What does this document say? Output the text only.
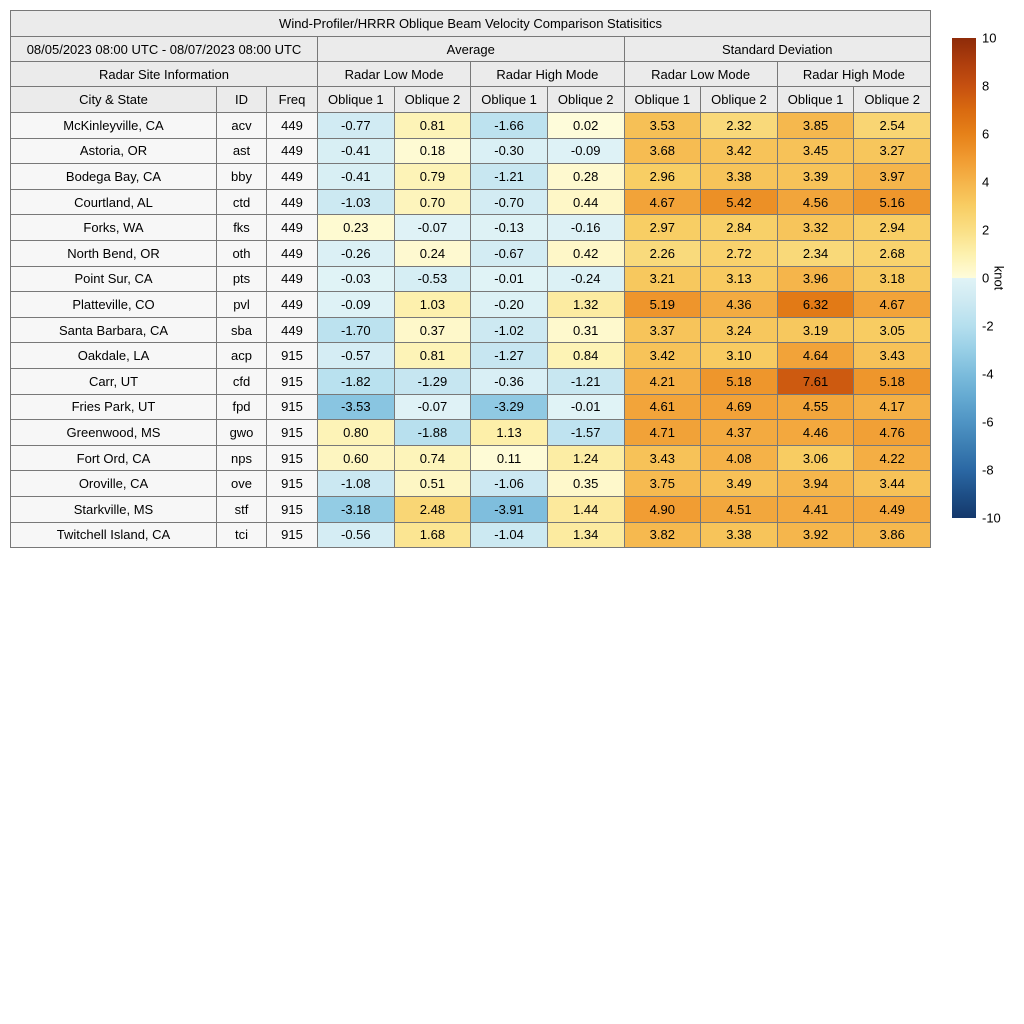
Wind-Profiler/HRRR Oblique Beam Velocity Comparison Statisitics										
08/05/2023 08:00 UTC - 08/07/2023 08:00 UTC			Average				Standard Deviation			
Radar Site Information			Radar Low Mode		Radar High Mode		Radar Low Mode		Radar High Mode	
City & State	ID	Freq	Oblique 1	Oblique 2	Oblique 1	Oblique 2	Oblique 1	Oblique 2	Oblique 1	Oblique 2
McKinleyville, CA	acv	449	-0.77	0.81	-1.66	0.02	3.53	2.32	3.85	2.54
Astoria, OR	ast	449	-0.41	0.18	-0.30	-0.09	3.68	3.42	3.45	3.27
Bodega Bay, CA	bby	449	-0.41	0.79	-1.21	0.28	2.96	3.38	3.39	3.97
Courtland, AL	ctd	449	-1.03	0.70	-0.70	0.44	4.67	5.42	4.56	5.16
Forks, WA	fks	449	0.23	-0.07	-0.13	-0.16	2.97	2.84	3.32	2.94
North Bend, OR	oth	449	-0.26	0.24	-0.67	0.42	2.26	2.72	2.34	2.68
Point Sur, CA	pts	449	-0.03	-0.53	-0.01	-0.24	3.21	3.13	3.96	3.18
Platteville, CO	pvl	449	-0.09	1.03	-0.20	1.32	5.19	4.36	6.32	4.67
Santa Barbara, CA	sba	449	-1.70	0.37	-1.02	0.31	3.37	3.24	3.19	3.05
Oakdale, LA	acp	915	-0.57	0.81	-1.27	0.84	3.42	3.10	4.64	3.43
Carr, UT	cfd	915	-1.82	-1.29	-0.36	-1.21	4.21	5.18	7.61	5.18
Fries Park, UT	fpd	915	-3.53	-0.07	-3.29	-0.01	4.61	4.69	4.55	4.17
Greenwood, MS	gwo	915	0.80	-1.88	1.13	-1.57	4.71	4.37	4.46	4.76
Fort Ord, CA	nps	915	0.60	0.74	0.11	1.24	3.43	4.08	3.06	4.22
Oroville, CA	ove	915	-1.08	0.51	-1.06	0.35	3.75	3.49	3.94	3.44
Starkville, MS	stf	915	-3.18	2.48	-3.91	1.44	4.90	4.51	4.41	4.49
Twitchell Island, CA	tci	915	-0.56	1.68	-1.04	1.34	3.82	3.38	3.92	3.86
10
8
6
4
2
0
-2
-4
-6
-8
-10
knot
